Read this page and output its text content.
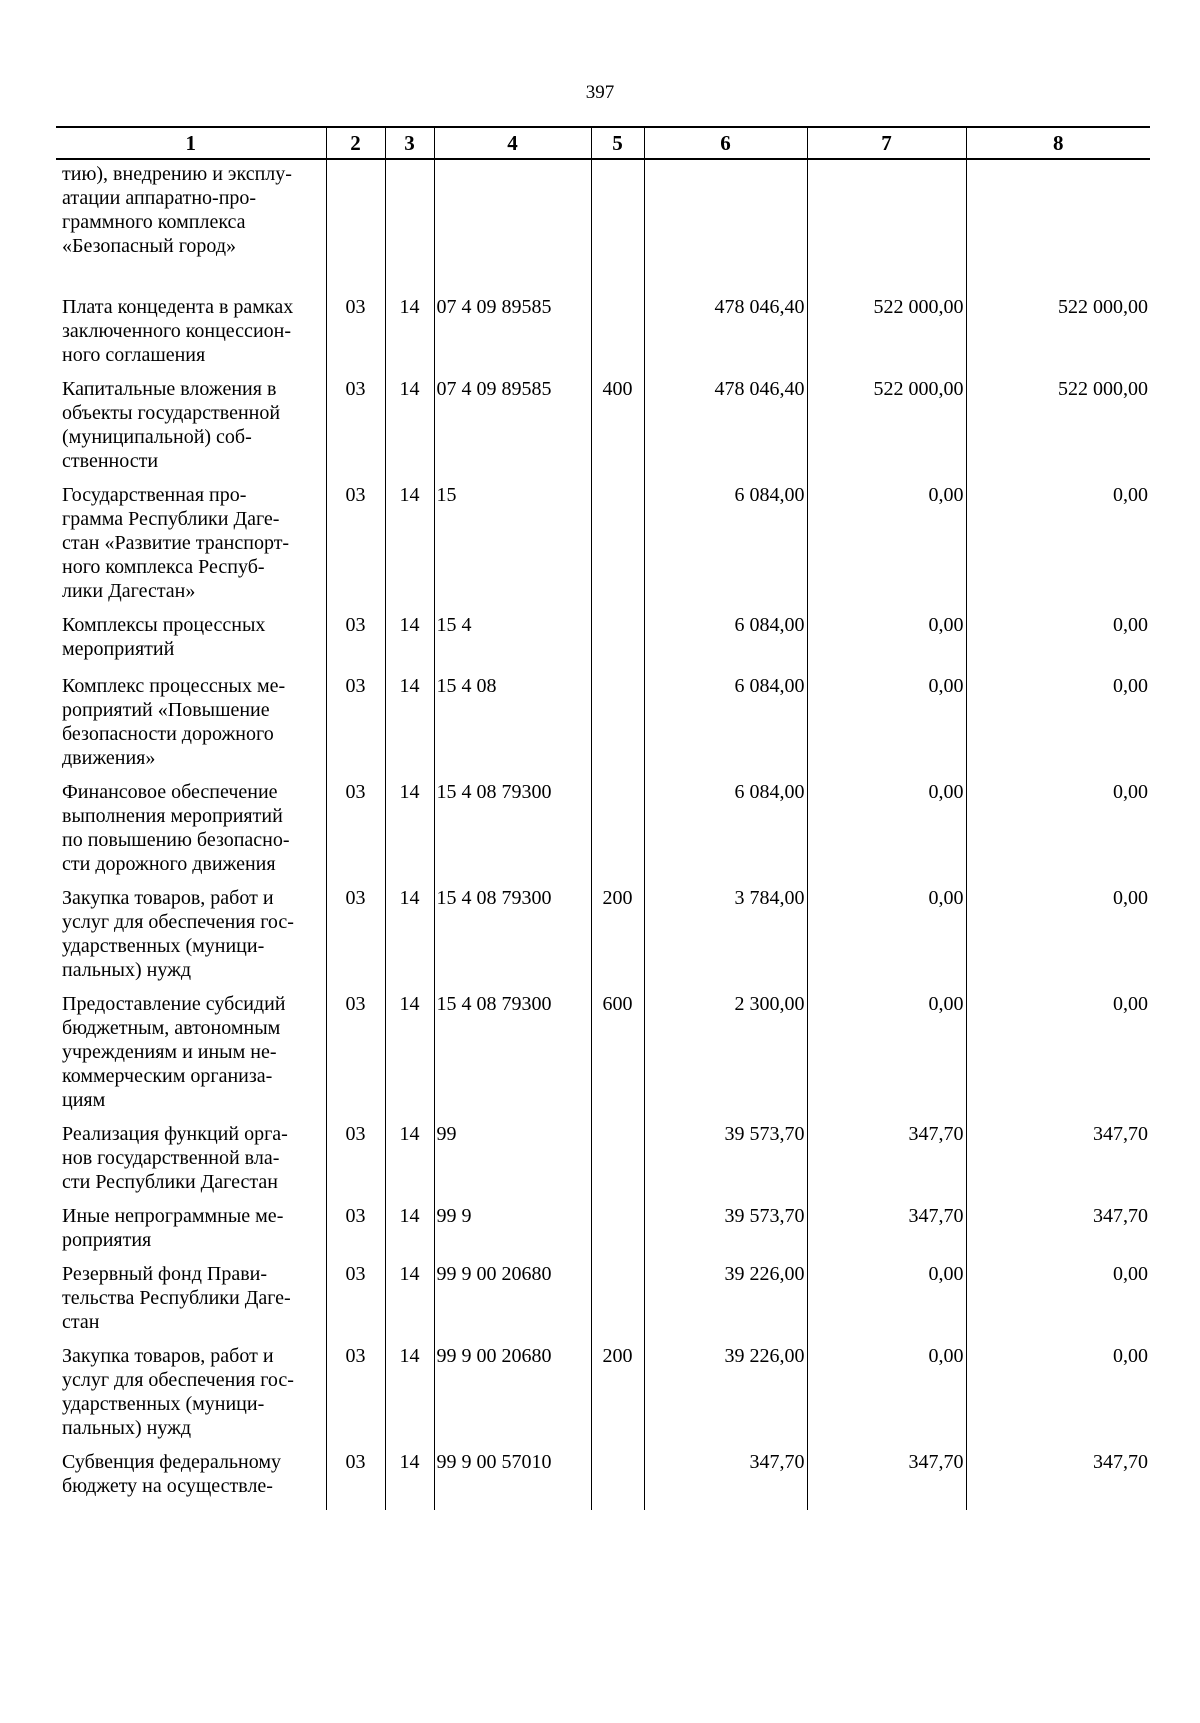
397
1	2	3	4	5	6	7	8
тию), внедрению и эксплу-
атации аппаратно-про-
граммного комплекса
«Безопасный город»							
Плата концедента в рамках
заключенного концессион-
ного соглашения	03	14	07 4 09 89585		478 046,40	522 000,00	522 000,00
Капитальные вложения в
объекты государственной
(муниципальной) соб-
ственности	03	14	07 4 09 89585	400	478 046,40	522 000,00	522 000,00
Государственная про-
грамма Республики Даге-
стан «Развитие транспорт-
ного комплекса Респуб-
лики Дагестан»	03	14	15		6 084,00	0,00	0,00
Комплексы процессных
мероприятий	03	14	15 4		6 084,00	0,00	0,00
Комплекс процессных ме-
роприятий «Повышение
безопасности дорожного
движения»	03	14	15 4 08		6 084,00	0,00	0,00
Финансовое обеспечение
выполнения мероприятий
по повышению безопасно-
сти дорожного движения	03	14	15 4 08 79300		6 084,00	0,00	0,00
Закупка товаров, работ и
услуг для обеспечения гос-
ударственных (муници-
пальных) нужд	03	14	15 4 08 79300	200	3 784,00	0,00	0,00
Предоставление субсидий
бюджетным, автономным
учреждениям и иным не-
коммерческим организа-
циям	03	14	15 4 08 79300	600	2 300,00	0,00	0,00
Реализация функций орга-
нов государственной вла-
сти Республики Дагестан	03	14	99		39 573,70	347,70	347,70
Иные непрограммные ме-
роприятия	03	14	99 9		39 573,70	347,70	347,70
Резервный фонд Прави-
тельства Республики Даге-
стан	03	14	99 9 00 20680		39 226,00	0,00	0,00
Закупка товаров, работ и
услуг для обеспечения гос-
ударственных (муници-
пальных) нужд	03	14	99 9 00 20680	200	39 226,00	0,00	0,00
Субвенция федеральному
бюджету на осуществле-	03	14	99 9 00 57010		347,70	347,70	347,70
